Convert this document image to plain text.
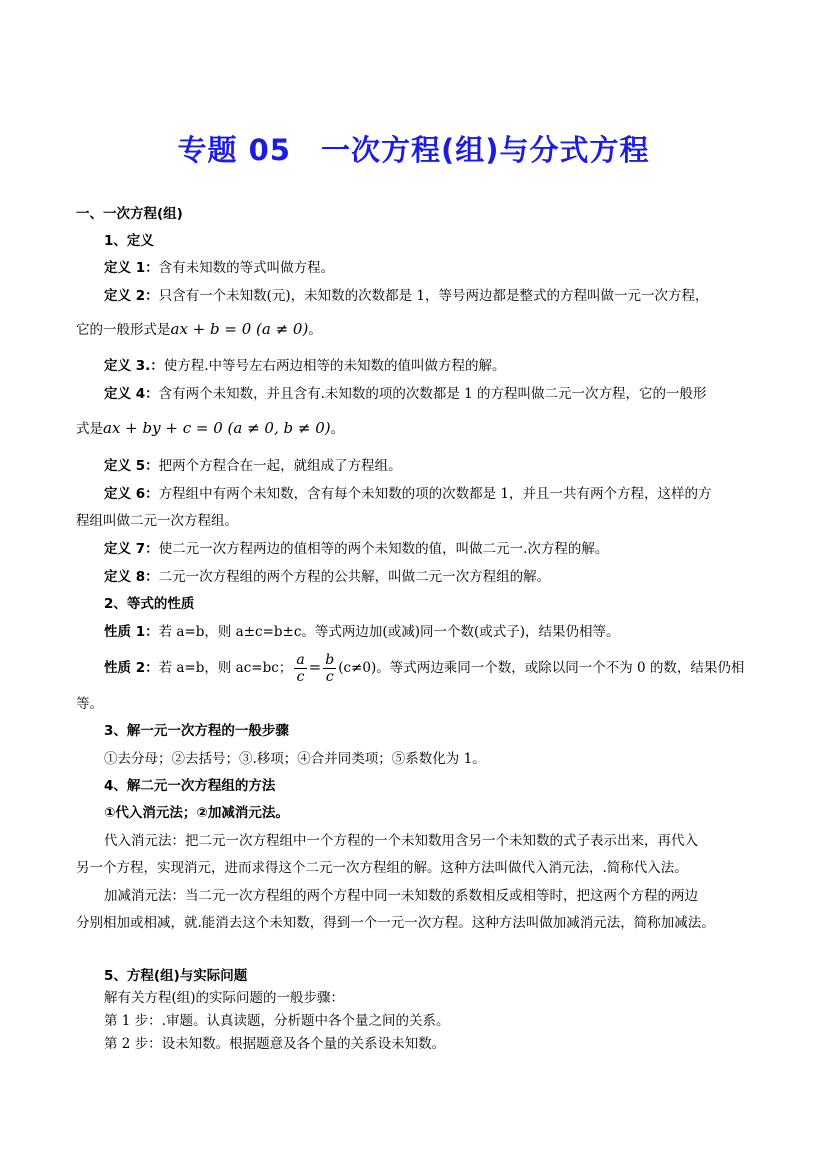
专题 05　一次方程(组)与分式方程
一、一次方程(组)
1、定义
定义 1：含有未知数的等式叫做方程。
定义 2：只含有一个未知数(元)，未知数的次数都是 1，等号两边都是整式的方程叫做一元一次方程，
它的一般形式是ax + b = 0 (a ≠ 0)。
定义 3.：使方程.中等号左右两边相等的未知数的值叫做方程的解。
定义 4：含有两个未知数，并且含有.未知数的项的次数都是 1 的方程叫做二元一次方程，它的一般形
式是ax + by + c = 0 (a ≠ 0, b ≠ 0)。
定义 5：把两个方程合在一起，就组成了方程组。
定义 6：方程组中有两个未知数，含有每个未知数的项的次数都是 1，并且一共有两个方程，这样的方
程组叫做二元一次方程组。
定义 7：使二元一次方程两边的值相等的两个未知数的值，叫做二元一.次方程的解。
定义 8：二元一次方程组的两个方程的公共解，叫做二元一次方程组的解。
2、等式的性质
性质 1：若 a=b，则 a±c=b±c。等式两边加(或减)同一个数(或式子)，结果仍相等。
性质 2：若 a=b，则 ac=bc； $\frac{a}{c} = \frac{b}{c} (c\ne 0)$。等式两边乘同一个数，或除以同一个不为 0 的数，结果仍相
等。
3、解一元一次方程的一般步骤
①去分母；②去括号；③.移项；④合并同类项；⑤系数化为 1。
4、解二元一次方程组的方法
①代入消元法；②加减消元法。
代入消元法：把二元一次方程组中一个方程的一个未知数用含另一个未知数的式子表示出来，再代入
另一个方程，实现消元，进而求得这个二元一次方程组的解。这种方法叫做代入消元法，.简称代入法。
加减消元法：当二元一次方程组的两个方程中同一未知数的系数相反或相等时，把这两个方程的两边
分别相加或相减，就.能消去这个未知数，得到一个一元一次方程。这种方法叫做加减消元法，简称加减法。
5、方程(组)与实际问题
解有关方程(组)的实际问题的一般步骤：
第 1 步：.审题。认真读题，分析题中各个量之间的关系。
第 2 步：设未知数。根据题意及各个量的关系设未知数。
